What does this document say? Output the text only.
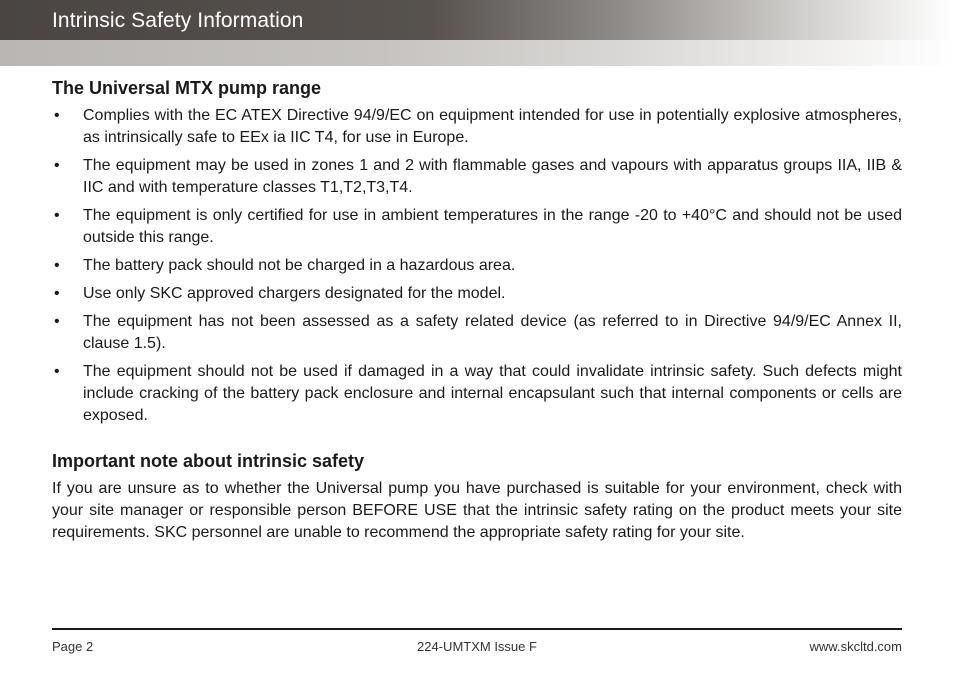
Intrinsic Safety Information
The Universal MTX pump range
• Complies with the EC ATEX Directive 94/9/EC on equipment intended for use in potentially explosive atmospheres, as intrinsically safe to EEx ia IIC T4, for use in Europe.
• The equipment may be used in zones 1 and 2 with flammable gases and vapours with apparatus groups IIA, IIB & IIC and with temperature classes T1,T2,T3,T4.
• The equipment is only certified for use in ambient temperatures in the range -20 to +40°C and should not be used outside this range.
• The battery pack should not be charged in a hazardous area.
• Use only SKC approved chargers designated for the model.
• The equipment has not been assessed as a safety related device (as referred to in Directive 94/9/EC Annex II, clause 1.5).
• The equipment should not be used if damaged in a way that could invalidate intrinsic safety. Such defects might include cracking of the battery pack enclosure and internal encapsulant such that internal components or cells are exposed.
Important note about intrinsic safety

If you are unsure as to whether the Universal pump you have purchased is suitable for your environment, check with your site manager or responsible person BEFORE USE that the intrinsic safety rating on the product meets your site requirements. SKC personnel are unable to recommend the appropriate safety rating for your site.

Page 2	224-UMTXM Issue F	www.skcltd.com
